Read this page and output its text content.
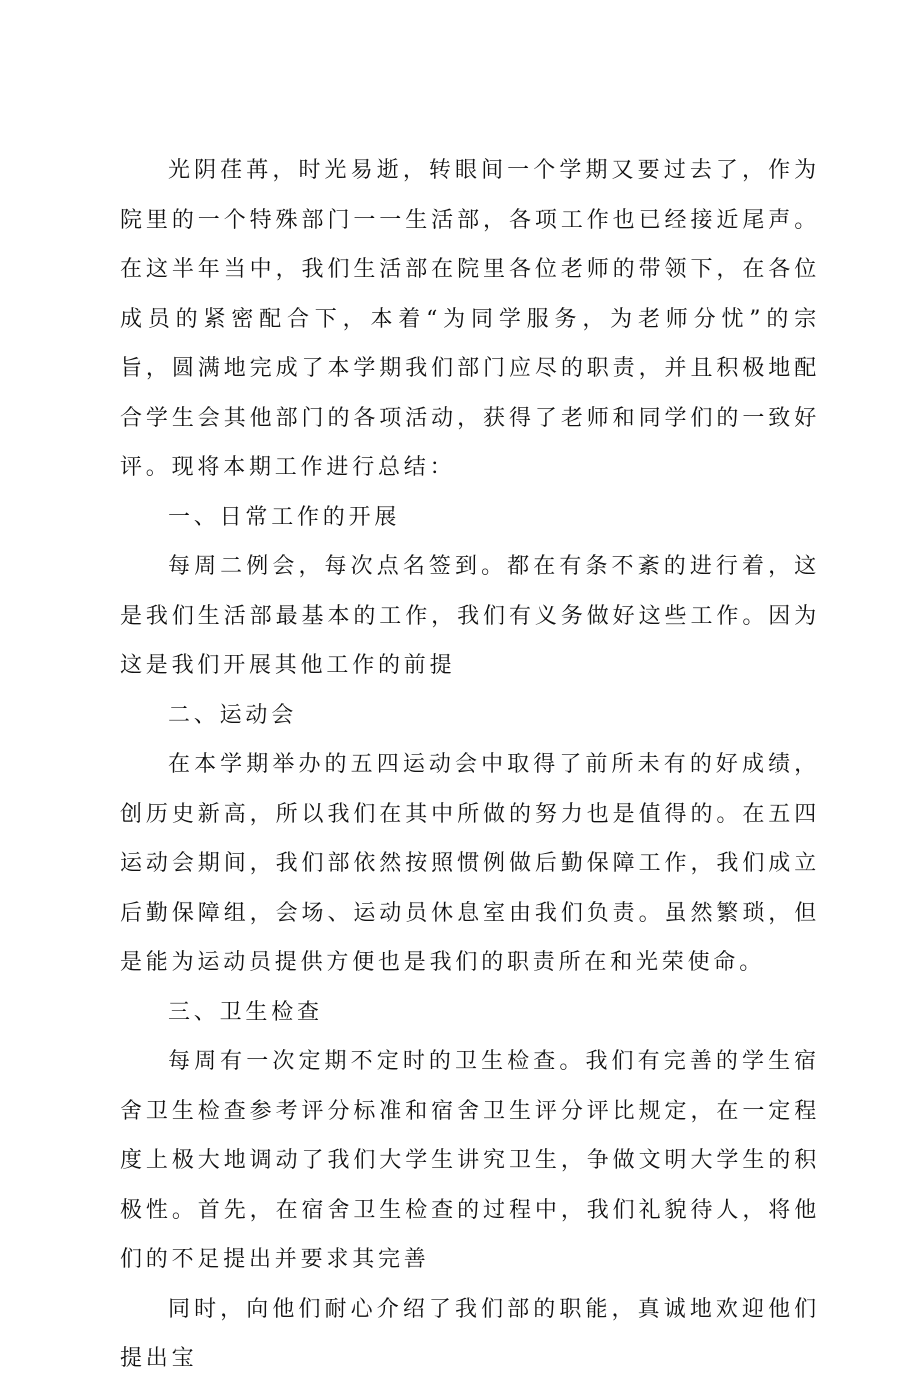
光阴荏苒，时光易逝，转眼间一个学期又要过去了，作为院里的一个特殊部门一一生活部，各项工作也已经接近尾声。在这半年当中，我们生活部在院里各位老师的带领下，在各位成员的紧密配合下，本着“为同学服务，为老师分忧”的宗旨，圆满地完成了本学期我们部门应尽的职责，并且积极地配合学生会其他部门的各项活动，获得了老师和同学们的一致好评。现将本期工作进行总结：

一、日常工作的开展

每周二例会，每次点名签到。都在有条不紊的进行着，这是我们生活部最基本的工作，我们有义务做好这些工作。因为这是我们开展其他工作的前提

二、运动会

在本学期举办的五四运动会中取得了前所未有的好成绩，创历史新高，所以我们在其中所做的努力也是值得的。在五四运动会期间，我们部依然按照惯例做后勤保障工作，我们成立后勤保障组，会场、运动员休息室由我们负责。虽然繁琐，但是能为运动员提供方便也是我们的职责所在和光荣使命。

三、卫生检查

每周有一次定期不定时的卫生检查。我们有完善的学生宿舍卫生检查参考评分标准和宿舍卫生评分评比规定，在一定程度上极大地调动了我们大学生讲究卫生，争做文明大学生的积极性。首先，在宿舍卫生检查的过程中，我们礼貌待人，将他们的不足提出并要求其完善

同时，向他们耐心介绍了我们部的职能，真诚地欢迎他们提出宝
